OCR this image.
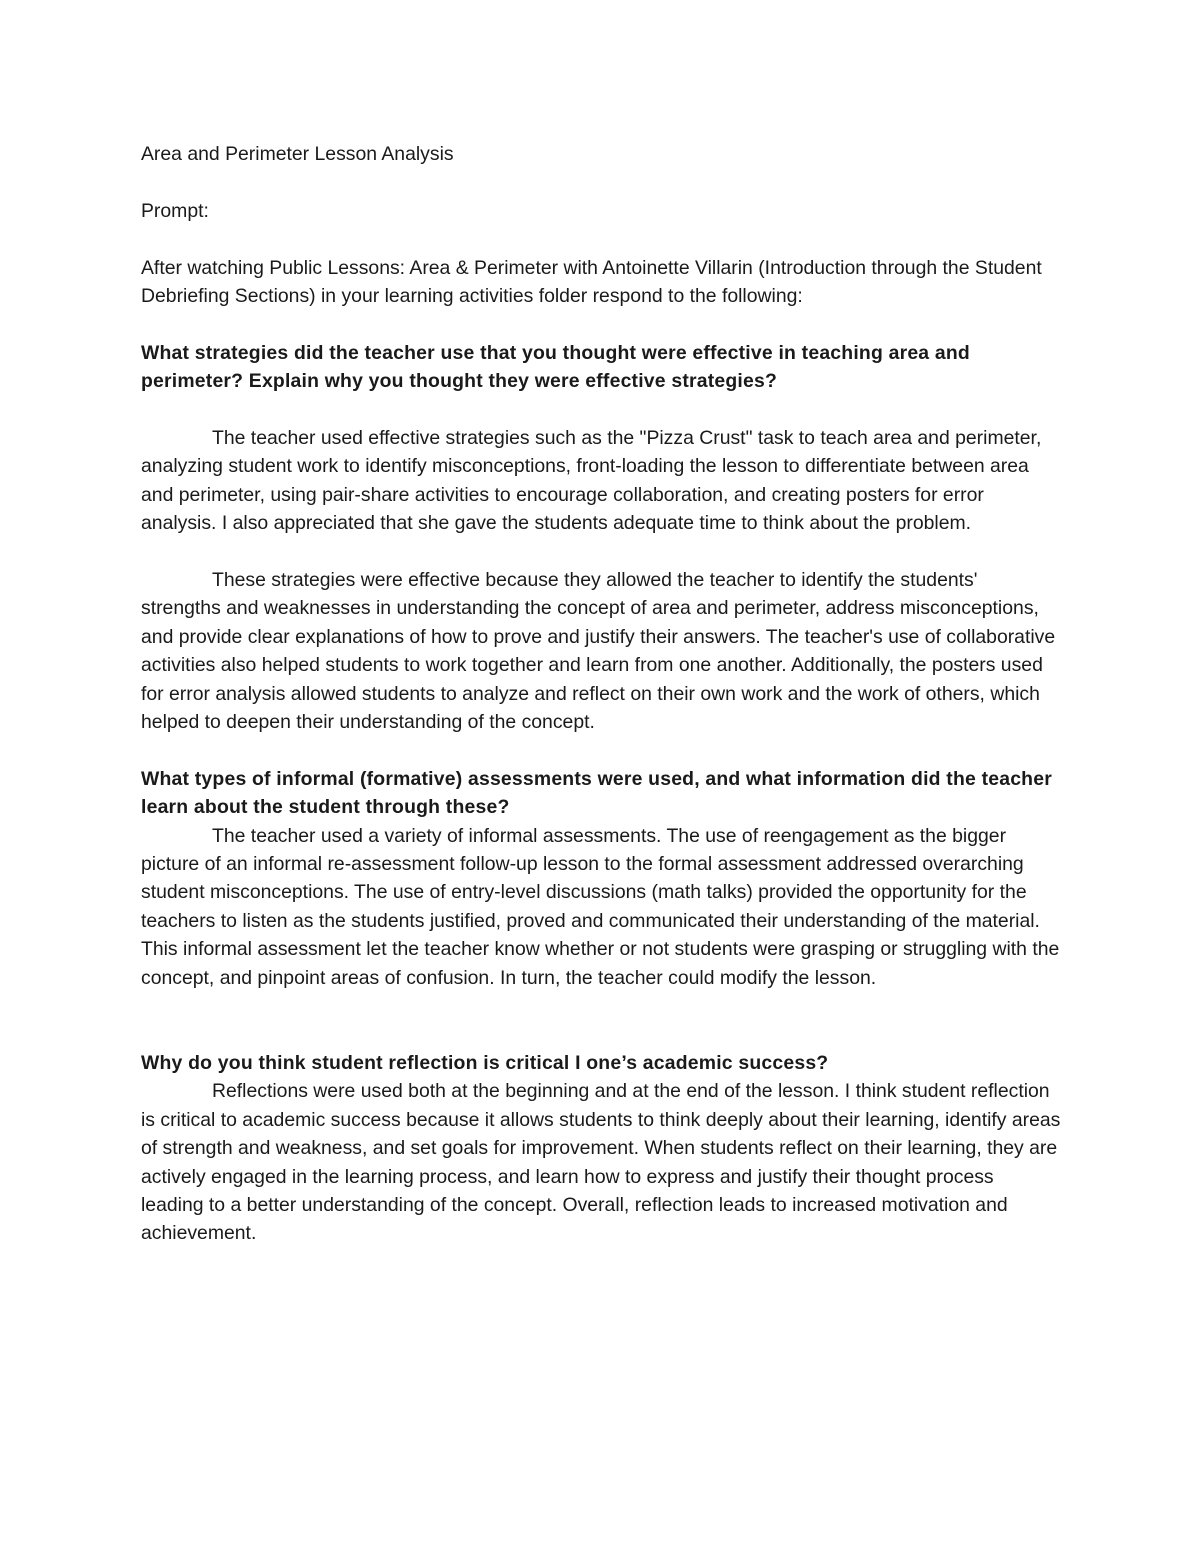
Area and Perimeter Lesson Analysis

Prompt:

After watching Public Lessons: Area & Perimeter with Antoinette Villarin (Introduction through the Student Debriefing Sections) in your learning activities folder respond to the following:

What strategies did the teacher use that you thought were effective in teaching area and perimeter? Explain why you thought they were effective strategies?

The teacher used effective strategies such as the "Pizza Crust" task to teach area and perimeter, analyzing student work to identify misconceptions, front-loading the lesson to differentiate between area and perimeter, using pair-share activities to encourage collaboration, and creating posters for error analysis. I also appreciated that she gave the students adequate time to think about the problem.

These strategies were effective because they allowed the teacher to identify the students' strengths and weaknesses in understanding the concept of area and perimeter, address misconceptions, and provide clear explanations of how to prove and justify their answers. The teacher's use of collaborative activities also helped students to work together and learn from one another. Additionally, the posters used for error analysis allowed students to analyze and reflect on their own work and the work of others, which helped to deepen their understanding of the concept.

What types of informal (formative) assessments were used, and what information did the teacher learn about the student through these?

The teacher used a variety of informal assessments. The use of reengagement as the bigger picture of an informal re-assessment follow-up lesson to the formal assessment addressed overarching student misconceptions. The use of entry-level discussions (math talks) provided the opportunity for the teachers to listen as the students justified, proved and communicated their understanding of the material. This informal assessment let the teacher know whether or not students were grasping or struggling with the concept, and pinpoint areas of confusion. In turn, the teacher could modify the lesson.

Why do you think student reflection is critical I one’s academic success?

Reflections were used both at the beginning and at the end of the lesson. I think student reflection is critical to academic success because it allows students to think deeply about their learning, identify areas of strength and weakness, and set goals for improvement. When students reflect on their learning, they are actively engaged in the learning process, and learn how to express and justify their thought process leading to a better understanding of the concept. Overall, reflection leads to increased motivation and achievement.
